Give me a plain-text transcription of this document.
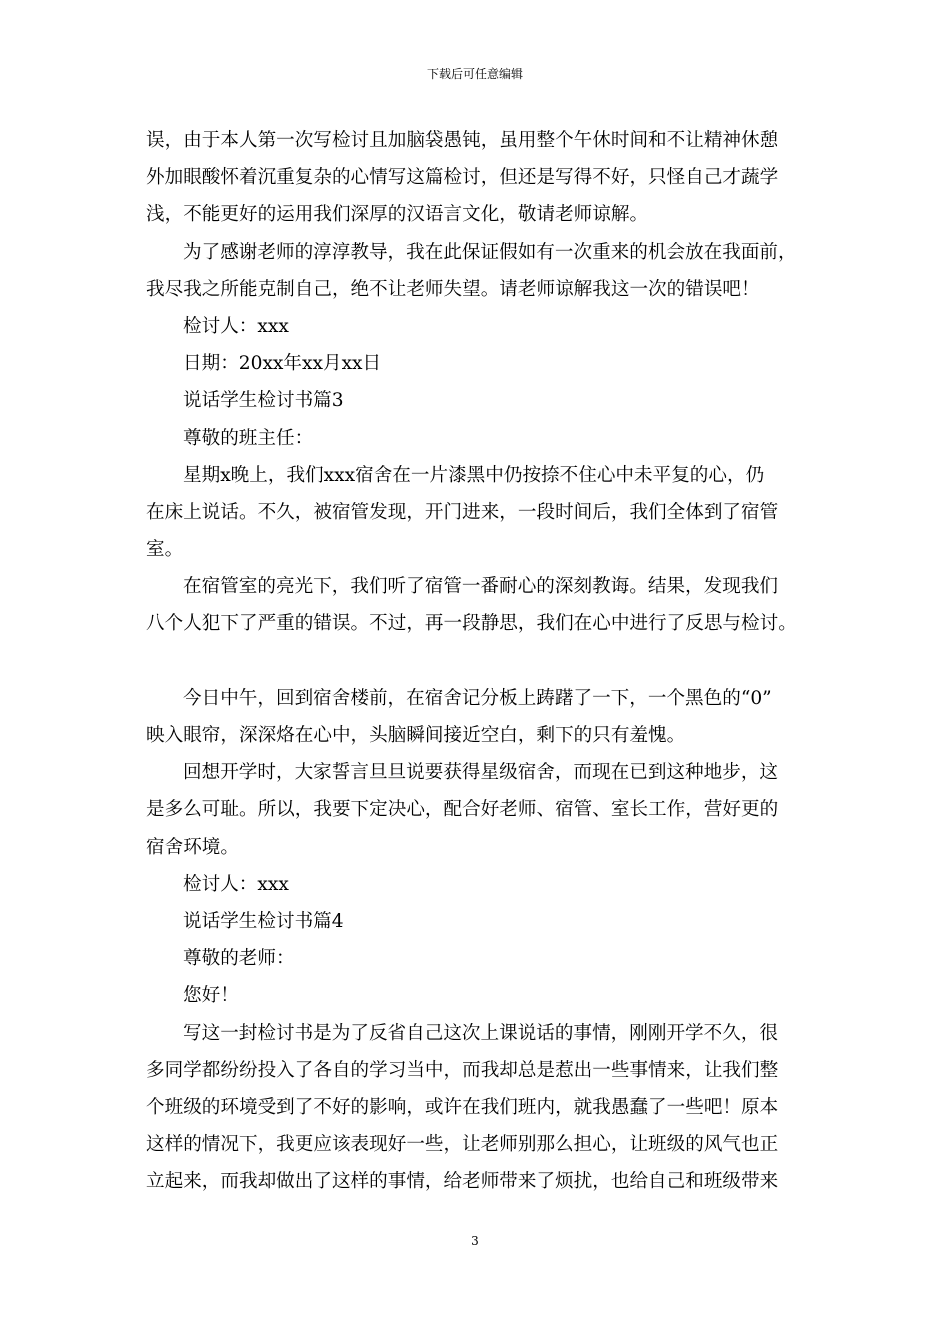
下载后可任意编辑
误，由于本人第一次写检讨且加脑袋愚钝，虽用整个午休时间和不让精神休憩
外加眼酸怀着沉重复杂的心情写这篇检讨，但还是写得不好，只怪自己才蔬学
浅，不能更好的运用我们深厚的汉语言文化，敬请老师谅解。
为了感谢老师的淳淳教导，我在此保证假如有一次重来的机会放在我面前，
我尽我之所能克制自己，绝不让老师失望。请老师谅解我这一次的错误吧！
检讨人：xxx
日期：20xx年xx月xx日
说话学生检讨书篇3
尊敬的班主任：
星期x晚上，我们xxx宿舍在一片漆黑中仍按捺不住心中未平复的心，仍
在床上说话。不久，被宿管发现，开门进来，一段时间后，我们全体到了宿管
室。
在宿管室的亮光下，我们听了宿管一番耐心的深刻教诲。结果，发现我们
八个人犯下了严重的错误。不过，再一段静思，我们在心中进行了反思与检讨。
今日中午，回到宿舍楼前，在宿舍记分板上踌躇了一下，一个黑色的“0”
映入眼帘，深深烙在心中，头脑瞬间接近空白，剩下的只有羞愧。
回想开学时，大家誓言旦旦说要获得星级宿舍，而现在已到这种地步，这
是多么可耻。所以，我要下定决心，配合好老师、宿管、室长工作，营好更的
宿舍环境。
检讨人：xxx
说话学生检讨书篇4
尊敬的老师：
您好！
写这一封检讨书是为了反省自己这次上课说话的事情，刚刚开学不久，很
多同学都纷纷投入了各自的学习当中，而我却总是惹出一些事情来，让我们整
个班级的环境受到了不好的影响，或许在我们班内，就我愚蠢了一些吧！原本
这样的情况下，我更应该表现好一些，让老师别那么担心，让班级的风气也正
立起来，而我却做出了这样的事情，给老师带来了烦扰，也给自己和班级带来
3
